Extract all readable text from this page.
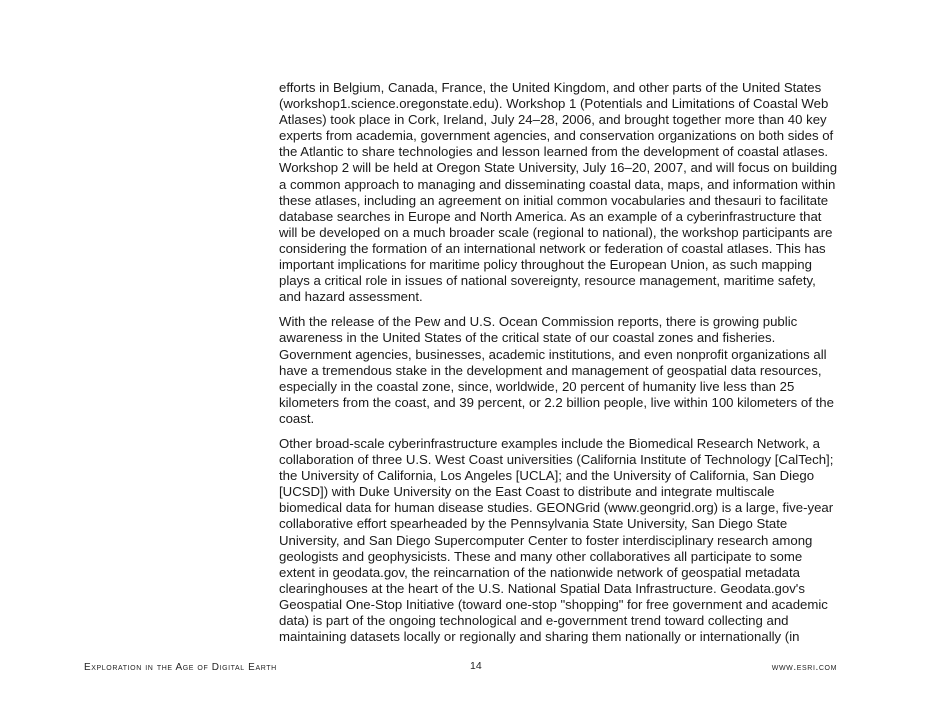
efforts in Belgium, Canada, France, the United Kingdom, and other parts of the United States (workshop1.science.oregonstate.edu). Workshop 1 (Potentials and Limitations of Coastal Web Atlases) took place in Cork, Ireland, July 24–28, 2006, and brought together more than 40 key experts from academia, government agencies, and conservation organizations on both sides of the Atlantic to share technologies and lesson learned from the development of coastal atlases. Workshop 2 will be held at Oregon State University, July 16–20, 2007, and will focus on building a common approach to managing and disseminating coastal data, maps, and information within these atlases, including an agreement on initial common vocabularies and thesauri to facilitate database searches in Europe and North America. As an example of a cyberinfrastructure that will be developed on a much broader scale (regional to national), the workshop participants are considering the formation of an international network or federation of coastal atlases. This has important implications for maritime policy throughout the European Union, as such mapping plays a critical role in issues of national sovereignty, resource management, maritime safety, and hazard assessment.

With the release of the Pew and U.S. Ocean Commission reports, there is growing public awareness in the United States of the critical state of our coastal zones and fisheries. Government agencies, businesses, academic institutions, and even nonprofit organizations all have a tremendous stake in the development and management of geospatial data resources, especially in the coastal zone, since, worldwide, 20 percent of humanity live less than 25 kilometers from the coast, and 39 percent, or 2.2 billion people, live within 100 kilometers of the coast.

Other broad-scale cyberinfrastructure examples include the Biomedical Research Network, a collaboration of three U.S. West Coast universities (California Institute of Technology [CalTech]; the University of California, Los Angeles [UCLA]; and the University of California, San Diego [UCSD]) with Duke University on the East Coast to distribute and integrate multiscale biomedical data for human disease studies. GEONGrid (www.geongrid.org) is a large, five-year collaborative effort spearheaded by the Pennsylvania State University, San Diego State University, and San Diego Supercomputer Center to foster interdisciplinary research among geologists and geophysicists. These and many other collaboratives all participate to some extent in geodata.gov, the reincarnation of the nationwide network of geospatial metadata clearinghouses at the heart of the U.S. National Spatial Data Infrastructure. Geodata.gov's Geospatial One-Stop Initiative (toward one-stop "shopping" for free government and academic data) is part of the ongoing technological and e-government trend toward collecting and maintaining datasets locally or regionally and sharing them nationally or internationally (in

Exploration in the Age of Digital Earth	14	www.esri.com
